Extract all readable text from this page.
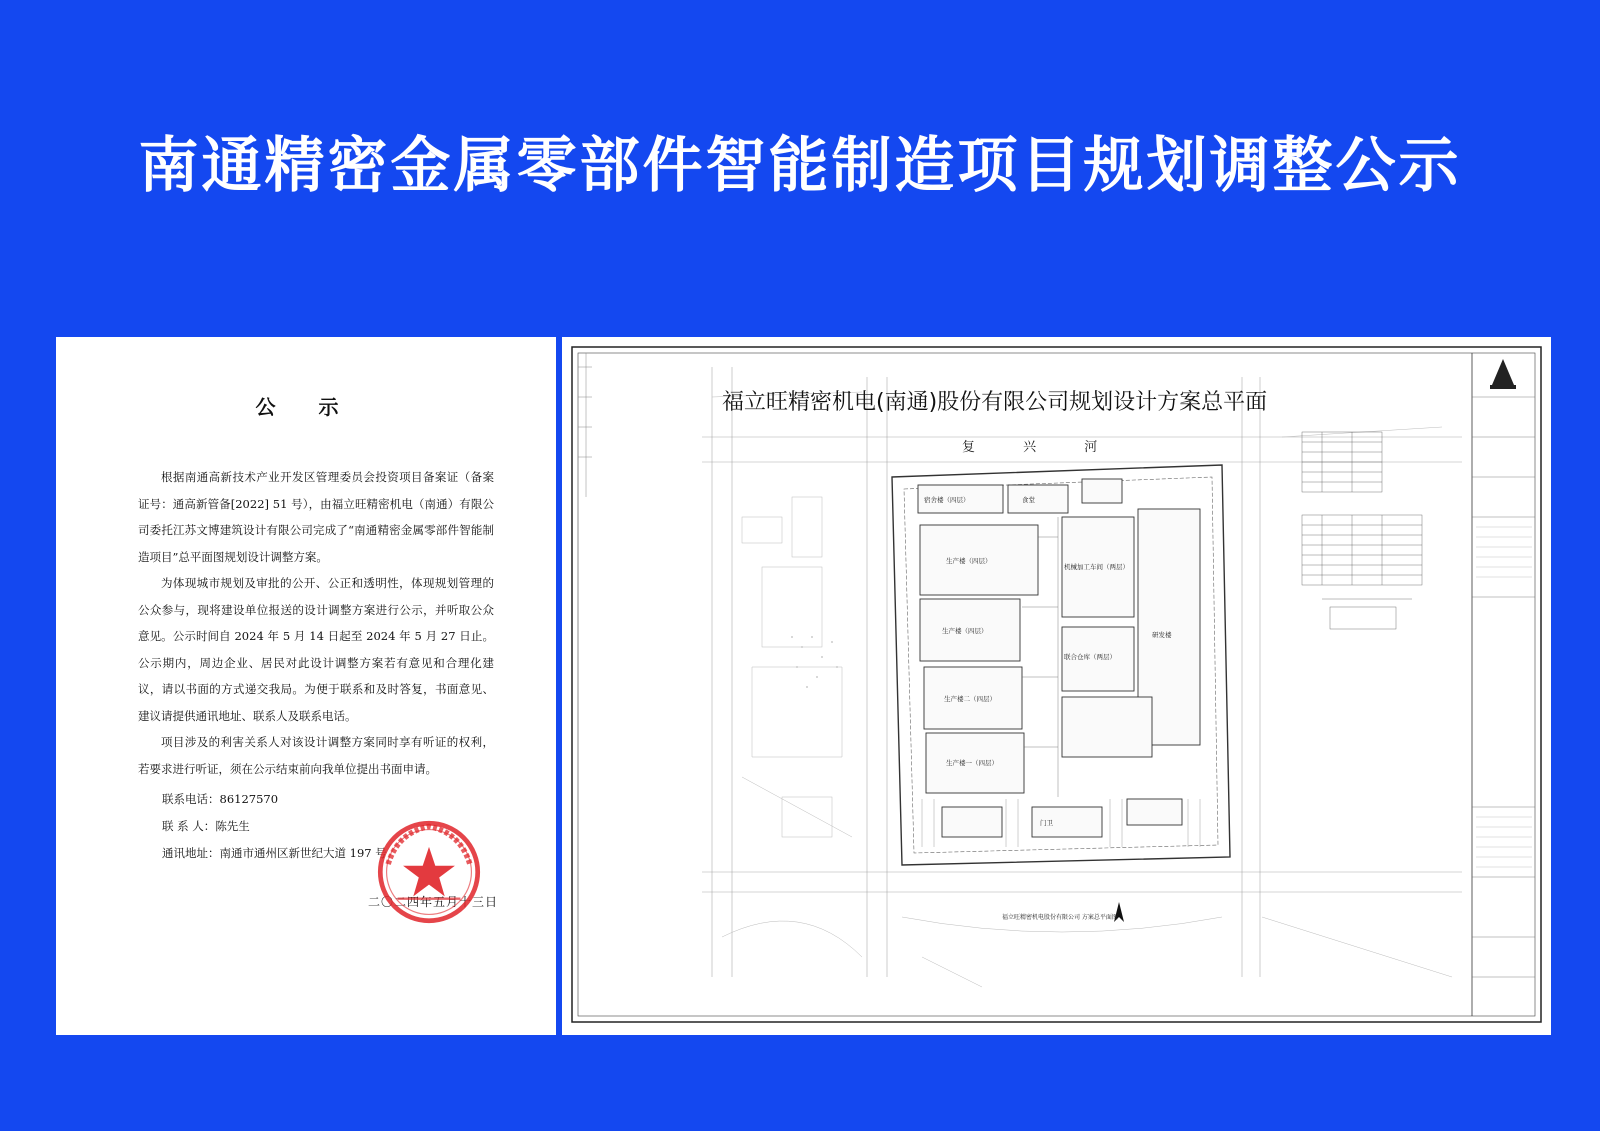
南通精密金属零部件智能制造项目规划调整公示
公 示

根据南通高新技术产业开发区管理委员会投资项目备案证（备案证号：通高新管备[2022] 51 号），由福立旺精密机电（南通）有限公司委托江苏文博建筑设计有限公司完成了“南通精密金属零部件智能制造项目”总平面图规划设计调整方案。

为体现城市规划及审批的公开、公正和透明性，体现规划管理的公众参与，现将建设单位报送的设计调整方案进行公示，并听取公众意见。公示时间自 2024 年 5 月 14 日起至 2024 年 5 月 27 日止。公示期内，周边企业、居民对此设计调整方案若有意见和合理化建议，请以书面的方式递交我局。为便于联系和及时答复，书面意见、建议请提供通讯地址、联系人及联系电话。

项目涉及的利害关系人对该设计调整方案同时享有听证的权利，若要求进行听证，须在公示结束前向我单位提出书面申请。

联系电话：86127570
联 系 人：陈先生
通讯地址：南通市通州区新世纪大道 197 号
二〇二四年五月十三日
福立旺精密机电(南通)股份有限公司规划设计方案总平面
复 兴 河
宿舍楼（四层）	食堂
生产楼（四层）
生产楼（四层）
生产楼二（四层）
生产楼一（四层）
机械加工车间（两层）
联合仓库（两层）
研发楼
门卫
福立旺精密机电股份有限公司 方案总平面图
